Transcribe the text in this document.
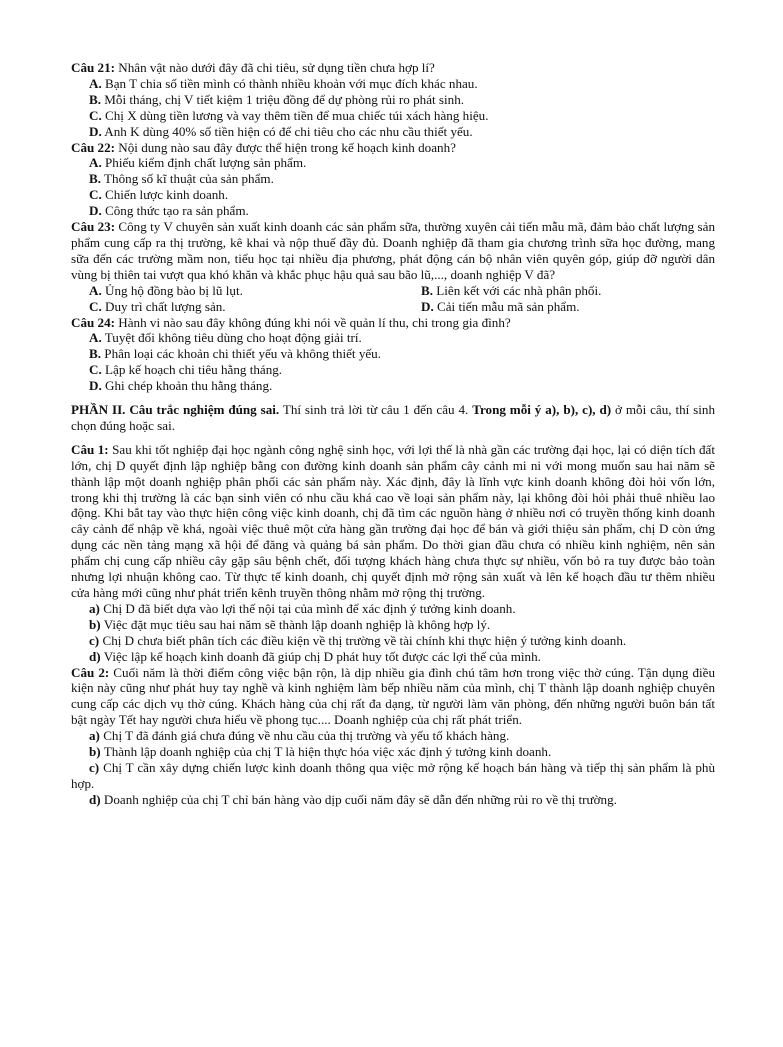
Câu 21: Nhân vật nào dưới đây đã chi tiêu, sử dụng tiền chưa hợp lí?

A. Bạn T chia số tiền mình có thành nhiều khoản với mục đích khác nhau.

B. Mỗi tháng, chị V tiết kiệm 1 triệu đồng để dự phòng rủi ro phát sinh.

C. Chị X dùng tiền lương và vay thêm tiền để mua chiếc túi xách hàng hiệu.

D. Anh K dùng 40% số tiền hiện có để chi tiêu cho các nhu cầu thiết yếu.

Câu 22: Nội dung nào sau đây được thể hiện trong kế hoạch kinh doanh?

A. Phiếu kiểm định chất lượng sản phẩm.

B. Thông số kĩ thuật của sản phẩm.

C. Chiến lược kinh doanh.

D. Công thức tạo ra sản phẩm.

Câu 23: Công ty V chuyên sản xuất kinh doanh các sản phẩm sữa, thường xuyên cải tiến mẫu mã, đảm bảo chất lượng sản phẩm cung cấp ra thị trường, kê khai và nộp thuế đầy đủ. Doanh nghiệp đã tham gia chương trình sữa học đường, mang sữa đến các trường mầm non, tiểu học tại nhiều địa phương, phát động cán bộ nhân viên quyên góp, giúp đỡ người dân vùng bị thiên tai vượt qua khó khăn và khắc phục hậu quả sau bão lũ,..., doanh nghiệp V đã?

A. Ủng hộ đồng bào bị lũ lụt.	B. Liên kết với các nhà phân phối.
C. Duy trì chất lượng sản.	D. Cải tiến mẫu mã sản phẩm.

Câu 24: Hành vi nào sau đây không đúng khi nói về quản lí thu, chi trong gia đình?

A. Tuyệt đối không tiêu dùng cho hoạt động giải trí.

B. Phân loại các khoản chi thiết yếu và không thiết yếu.

C. Lập kế hoạch chi tiêu hằng tháng.

D. Ghi chép khoản thu hằng tháng.

PHẦN II. Câu trắc nghiệm đúng sai. Thí sinh trả lời từ câu 1 đến câu 4. Trong mỗi ý a), b), c), d) ở mỗi câu, thí sinh chọn đúng hoặc sai.

Câu 1: Sau khi tốt nghiệp đại học ngành công nghệ sinh học, với lợi thế là nhà gần các trường đại học, lại có diện tích đất lớn, chị D quyết định lập nghiệp bằng con đường kinh doanh sản phẩm cây cảnh mi ni với mong muốn sau hai năm sẽ thành lập một doanh nghiệp phân phối các sản phẩm này. Xác định, đây là lĩnh vực kinh doanh không đòi hỏi vốn lớn, trong khi thị trường là các bạn sinh viên có nhu cầu khá cao về loại sản phẩm này, lại không đòi hỏi phải thuê nhiều lao động. Khi bắt tay vào thực hiện công việc kinh doanh, chị đã tìm các nguồn hàng ở nhiều nơi có truyền thống kinh doanh cây cảnh để nhập về khá, ngoài việc thuê một cửa hàng gần trường đại học để bán và giới thiệu sản phẩm, chị D còn ứng dụng các nền tảng mạng xã hội để đăng và quảng bá sản phẩm. Do thời gian đầu chưa có nhiều kinh nghiệm, nên sản phẩm chị cung cấp nhiều cây gặp sâu bệnh chết, đối tượng khách hàng chưa thực sự nhiều, vốn bỏ ra tuy được bảo toàn nhưng lợi nhuận không cao. Từ thực tế kinh doanh, chị quyết định mở rộng sản xuất và lên kế hoạch đầu tư thêm nhiều cửa hàng mới cũng như phát triển kênh truyền thông nhằm mở rộng thị trường.

a) Chị D đã biết dựa vào lợi thế nội tại của mình để xác định ý tưởng kinh doanh.

b) Việc đặt mục tiêu sau hai năm sẽ thành lập doanh nghiệp là không hợp lý.

c) Chị D chưa biết phân tích các điều kiện về thị trường về tài chính khi thực hiện ý tưởng kinh doanh.

d) Việc lập kế hoạch kinh doanh đã giúp chị D phát huy tốt được các lợi thế của mình.

Câu 2: Cuối năm là thời điểm công việc bận rộn, là dịp nhiều gia đình chú tâm hơn trong việc thờ cúng. Tận dụng điều kiện này cũng như phát huy tay nghề và kinh nghiệm làm bếp nhiều năm của mình, chị T thành lập doanh nghiệp chuyên cung cấp các dịch vụ thờ cúng. Khách hàng của chị rất đa dạng, từ người làm văn phòng, đến những người buôn bán tất bật ngày Tết hay người chưa hiểu về phong tục.... Doanh nghiệp của chị rất phát triển.

a) Chị T đã đánh giá chưa đúng về nhu cầu của thị trường và yếu tố khách hàng.

b) Thành lập doanh nghiệp của chị T là hiện thực hóa việc xác định ý tưởng kinh doanh.

c) Chị T cần xây dựng chiến lược kinh doanh thông qua việc mở rộng kế hoạch bán hàng và tiếp thị sản phẩm là phù hợp.

d) Doanh nghiệp của chị T chỉ bán hàng vào dịp cuối năm đây sẽ dẫn đến những rủi ro về thị trường.
